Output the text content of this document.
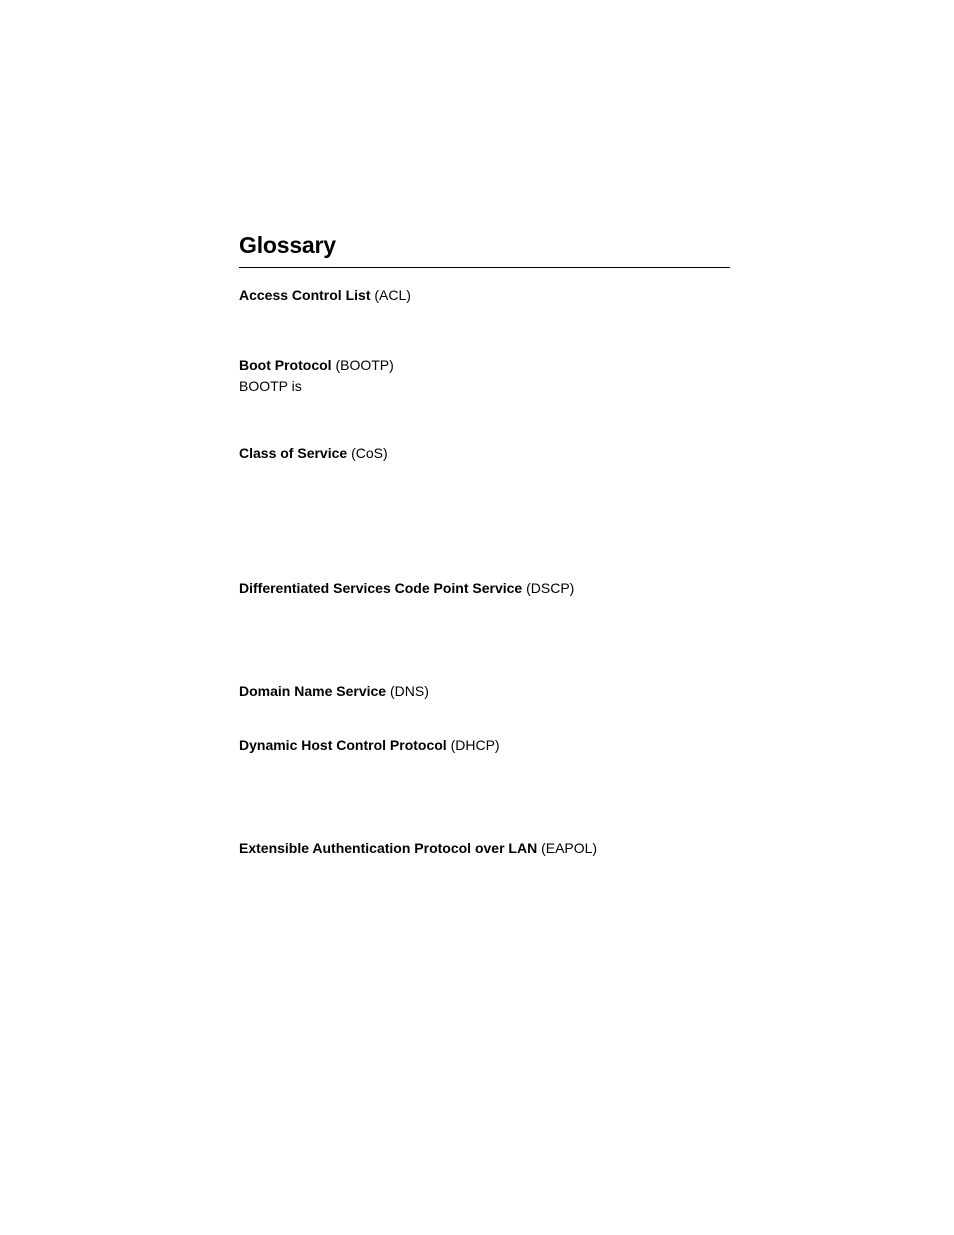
Glossary
Access Control List (ACL)
Boot Protocol (BOOTP)
BOOTP is
Class of Service (CoS)
Differentiated Services Code Point Service (DSCP)
Domain Name Service (DNS)
Dynamic Host Control Protocol (DHCP)
Extensible Authentication Protocol over LAN (EAPOL)
